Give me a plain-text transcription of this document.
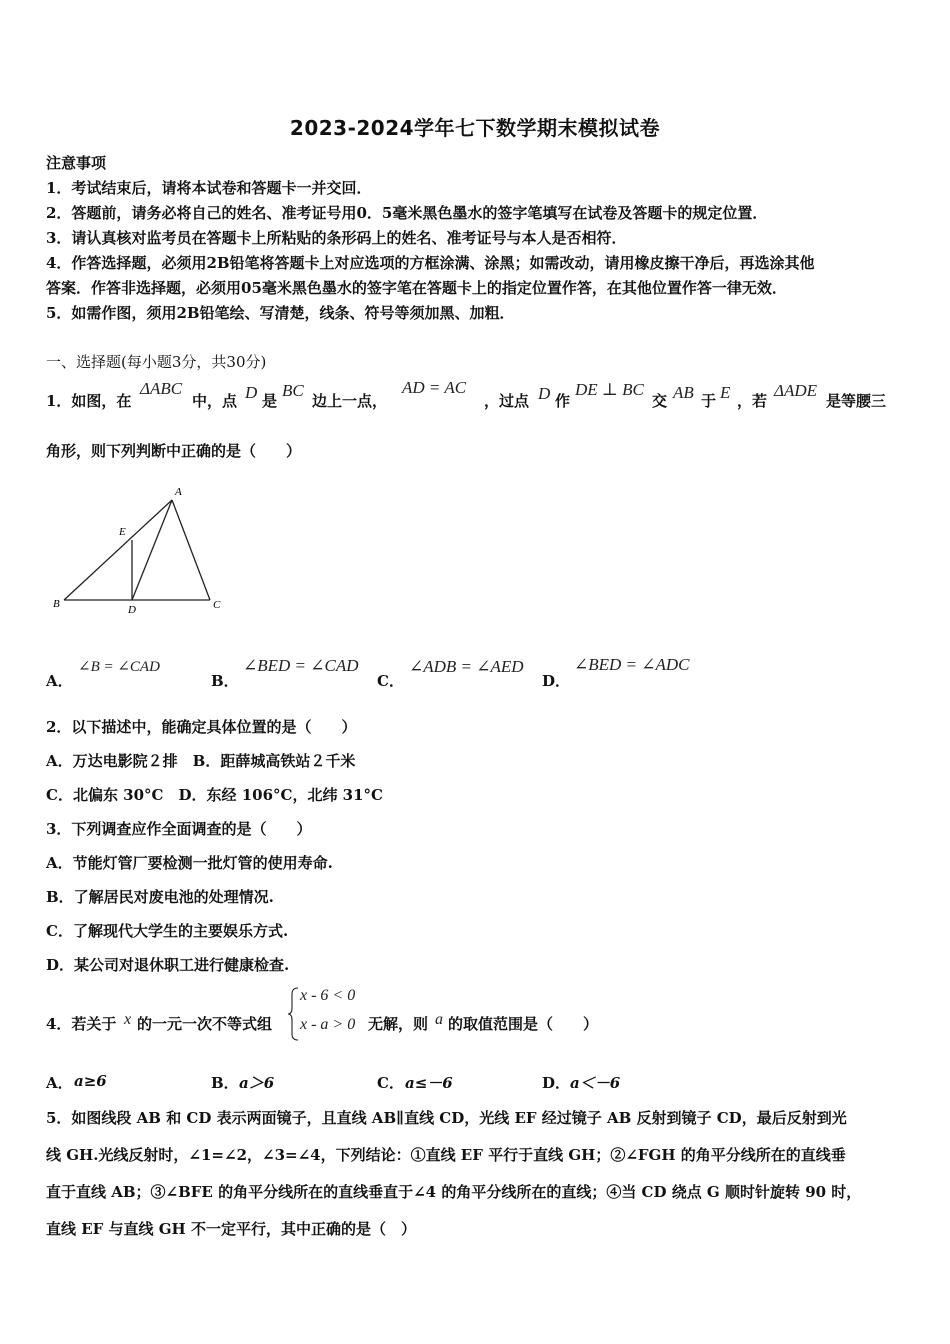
2023-2024学年七下数学期末模拟试卷
注意事项
1．考试结束后，请将本试卷和答题卡一并交回．
2．答题前，请务必将自己的姓名、准考证号用0．5毫米黑色墨水的签字笔填写在试卷及答题卡的规定位置．
3．请认真核对监考员在答题卡上所粘贴的条形码上的姓名、准考证号与本人是否相符．
4．作答选择题，必须用2B铅笔将答题卡上对应选项的方框涂满、涂黑；如需改动，请用橡皮擦干净后，再选涂其他
答案．作答非选择题，必须用05毫米黑色墨水的签字笔在答题卡上的指定位置作答，在其他位置作答一律无效．
5．如需作图，须用2B铅笔绘、写清楚，线条、符号等须加黑、加粗．
一、选择题(每小题3分，共30分)
1．如图，在
ΔABC
中，点 D 是
BC
边上一点，
AD = AC
，过点 D 作
DE ⊥ BC
交 AB 于 E ，若
ΔADE
是等腰三
角形，则下列判断中正确的是（　　）
A
B	C
D
E
A．
∠B = ∠CAD
B．
∠BED = ∠CAD
C．
∠ADB = ∠AED
D．
∠BED = ∠ADC
2．以下描述中，能确定具体位置的是（　　）
A．万达电影院２排　B．距薛城高铁站２千米
C．北偏东 30°C　D．东经 106°C，北纬 31°C
3．下列调查应作全面调查的是（　　）
A．节能灯管厂要检测一批灯管的使用寿命.
B．了解居民对废电池的处理情况.
C．了解现代大学生的主要娱乐方式.
D．某公司对退休职工进行健康检查.
4．若关于 x 的一元一次不等式组
x - 6 < 0
x - a > 0 无解，则 a 的取值范围是（　　）
A． a≥6	B． a＞6	C． a≤－6	D． a＜－6
5．如图线段 AB 和 CD 表示两面镜子，且直线 AB∥直线 CD，光线 EF 经过镜子 AB 反射到镜子 CD，最后反射到光
线 GH.光线反射时，∠1=∠2，∠3=∠4，下列结论：①直线 EF 平行于直线 GH；②∠FGH 的角平分线所在的直线垂
直于直线 AB；③∠BFE 的角平分线所在的直线垂直于∠4 的角平分线所在的直线；④当 CD 绕点 G 顺时针旋转 90 时，
直线 EF 与直线 GH 不一定平行，其中正确的是（　）
